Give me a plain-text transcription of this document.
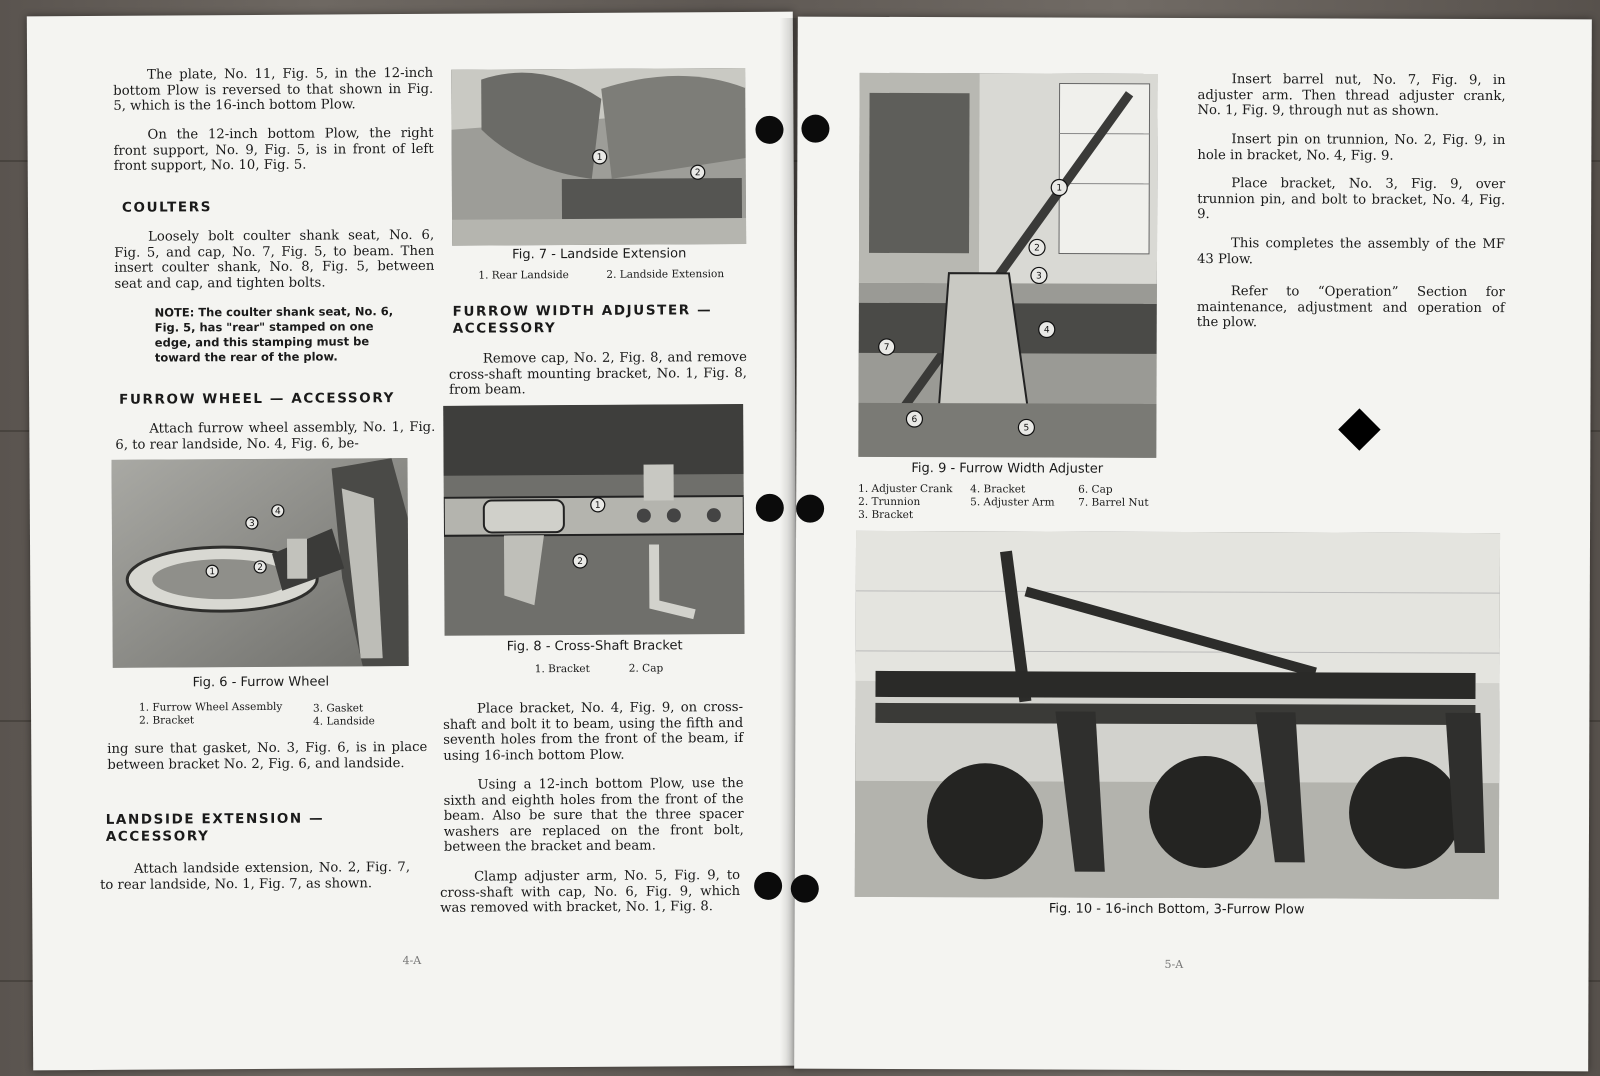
The plate, No. 11, Fig. 5, in the 12-inch bottom Plow is reversed to that shown in Fig. 5, which is the 16-inch bottom Plow.

On the 12-inch bottom Plow, the right front support, No. 9, Fig. 5, is in front of left front support, No. 10, Fig. 5.

COULTERS

Loosely bolt coulter shank seat, No. 6, Fig. 5, and cap, No. 7, Fig. 5, to beam. Then insert coulter shank, No. 8, Fig. 5, between seat and cap, and tighten bolts.

NOTE: The coulter shank seat, No. 6, Fig. 5, has "rear" stamped on one edge, and this stamping must be toward the rear of the plow.

FURROW WHEEL — ACCESSORY

Attach furrow wheel assembly, No. 1, Fig. 6, to rear landside, No. 4, Fig. 6, be-

1	2
3
4

Fig. 6 - Furrow Wheel

1. Furrow Wheel Assembly
2. Bracket
3. Gasket
4. Landside

ing sure that gasket, No. 3, Fig. 6, is in place between bracket No. 2, Fig. 6, and landside.

LANDSIDE EXTENSION —
ACCESSORY

Attach landside extension, No. 2, Fig. 7, to rear landside, No. 1, Fig. 7, as shown.

1
2

Fig. 7 - Landside Extension

1. Rear Landside	2. Landside Extension

FURROW WIDTH ADJUSTER —
ACCESSORY

Remove cap, No. 2, Fig. 8, and remove cross-shaft mounting bracket, No. 1, Fig. 8, from beam.

1
2

Fig. 8 - Cross-Shaft Bracket

1. Bracket	2. Cap

Place bracket, No. 4, Fig. 9, on cross-shaft and bolt it to beam, using the fifth and seventh holes from the front of the beam, if using 16-inch bottom Plow.

Using a 12-inch bottom Plow, use the sixth and eighth holes from the front of the beam. Also be sure that the three spacer washers are replaced on the front bolt, between the bracket and beam.

Clamp adjuster arm, No. 5, Fig. 9, to cross-shaft with cap, No. 6, Fig. 9, which was removed with bracket, No. 1, Fig. 8.

4-A
1
2
3
4
5
6
7

Fig. 9 - Furrow Width Adjuster

1. Adjuster Crank
2. Trunnion
3. Bracket
4. Bracket
5. Adjuster Arm
6. Cap
7. Barrel Nut

Insert barrel nut, No. 7, Fig. 9, in adjuster arm. Then thread adjuster crank, No. 1, Fig. 9, through nut as shown.

Insert pin on trunnion, No. 2, Fig. 9, in hole in bracket, No. 4, Fig. 9.

Place bracket, No. 3, Fig. 9, over trunnion pin, and bolt to bracket, No. 4, Fig. 9.

This completes the assembly of the MF 43 Plow.

Refer to “Operation” Section for maintenance, adjustment and operation of the plow.

Fig. 10 - 16-inch Bottom, 3-Furrow Plow

5-A
